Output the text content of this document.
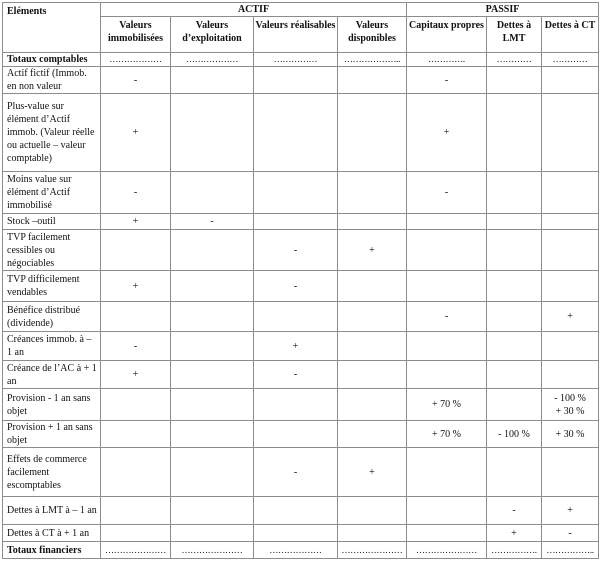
Eléments	ACTIF				PASSIF		
	Valeurs immobilisées	Valeurs d’exploitation	Valeurs réalisables	Valeurs disponibles	Capitaux propres	Dettes à LMT	Dettes à CT
Totaux comptables	………………	………………	……………	………………..	………….	…………	…………
Actif fictif (Immob. en non valeur	-				-		
Plus-value sur élément d’Actif immob. (Valeur réelle ou actuelle – valeur comptable)	+				+		
Moins value sur élément d’Actif immobilisé	-				-		
Stock –outil	+	-					
TVP facilement cessibles ou négociables			-	+			
TVP difficilement vendables	+		-				
Bénéfice distribué (dividende)					-		+
Créances immob. à – 1 an	-		+				
Créance de l’AC à + 1 an	+		-				
Provision - 1 an sans objet					+ 70 %		- 100 %
+ 30 %

Provision + 1 an sans objet					+ 70 %	- 100 %	+ 30 %
Effets de commerce facilement escomptables			-	+			
Dettes à LMT à – 1 an						-	+
Dettes à CT à + 1 an						+	-
Totaux financiers	…………………	…………………	………………	…………………	…………………	…………….	……………..
